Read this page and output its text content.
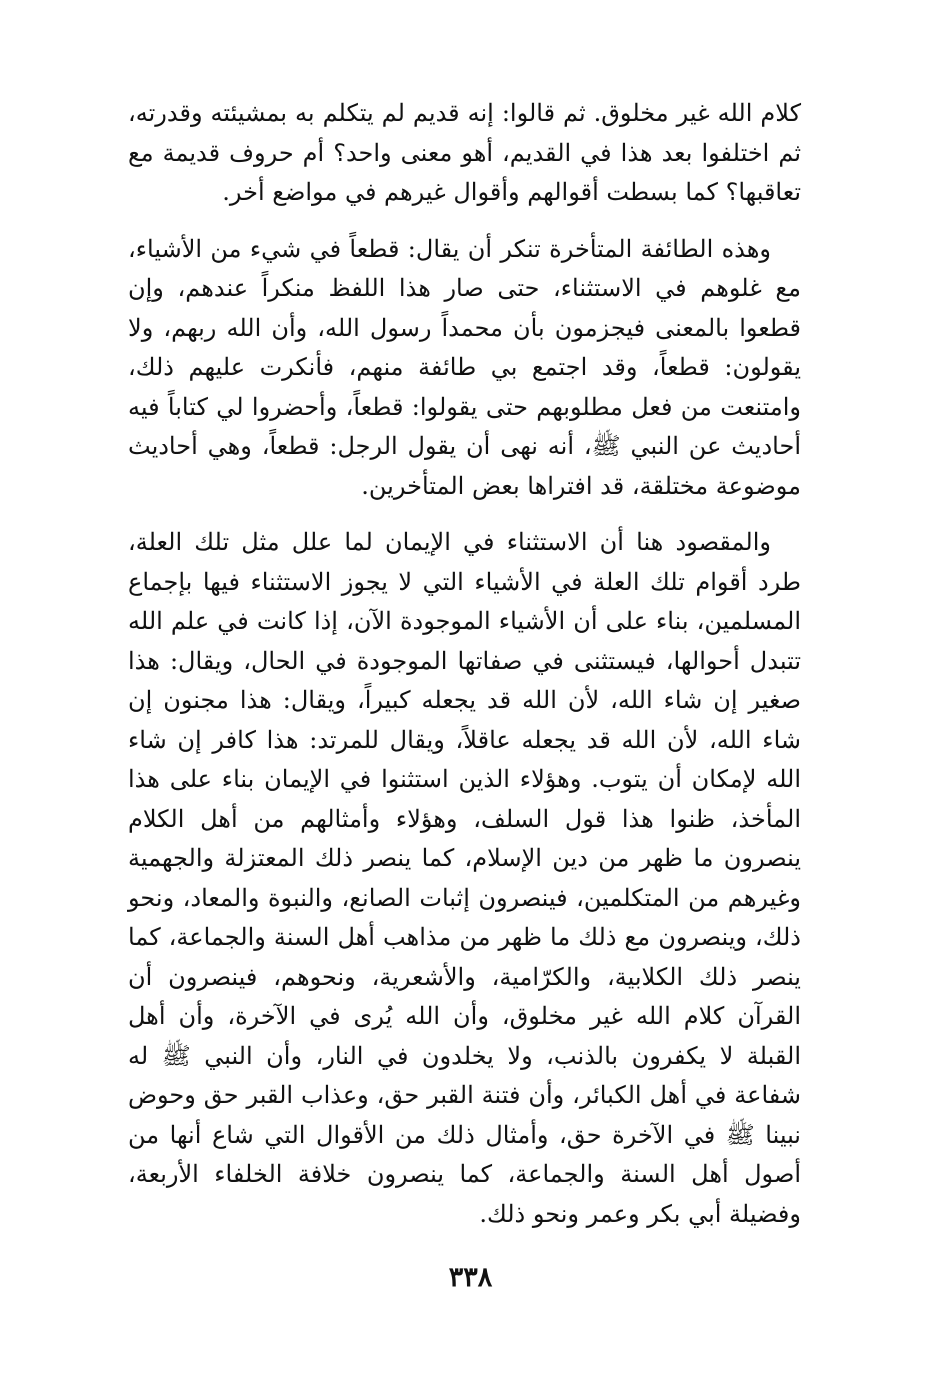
كلام الله غير مخلوق. ثم قالوا: إنه قديم لم يتكلم به بمشيئته وقدرته، ثم اختلفوا بعد هذا في القديم، أهو معنى واحد؟ أم حروف قديمة مع تعاقبها؟ كما بسطت أقوالهم وأقوال غيرهم في مواضع أخر.

وهذه الطائفة المتأخرة تنكر أن يقال: قطعاً في شيء من الأشياء، مع غلوهم في الاستثناء، حتى صار هذا اللفظ منكراً عندهم، وإن قطعوا بالمعنى فيجزمون بأن محمداً رسول الله، وأن الله ربهم، ولا يقولون: قطعاً، وقد اجتمع بي طائفة منهم، فأنكرت عليهم ذلك، وامتنعت من فعل مطلوبهم حتى يقولوا: قطعاً، وأحضروا لي كتاباً فيه أحاديث عن النبي ﷺ، أنه نهى أن يقول الرجل: قطعاً، وهي أحاديث موضوعة مختلقة، قد افتراها بعض المتأخرين.

والمقصود هنا أن الاستثناء في الإيمان لما علل مثل تلك العلة، طرد أقوام تلك العلة في الأشياء التي لا يجوز الاستثناء فيها بإجماع المسلمين، بناء على أن الأشياء الموجودة الآن، إذا كانت في علم الله تتبدل أحوالها، فيستثنى في صفاتها الموجودة في الحال، ويقال: هذا صغير إن شاء الله، لأن الله قد يجعله كبيراً، ويقال: هذا مجنون إن شاء الله، لأن الله قد يجعله عاقلاً، ويقال للمرتد: هذا كافر إن شاء الله لإمكان أن يتوب. وهؤلاء الذين استثنوا في الإيمان بناء على هذا المأخذ، ظنوا هذا قول السلف، وهؤلاء وأمثالهم من أهل الكلام ينصرون ما ظهر من دين الإسلام، كما ينصر ذلك المعتزلة والجهمية وغيرهم من المتكلمين، فينصرون إثبات الصانع، والنبوة والمعاد، ونحو ذلك، وينصرون مع ذلك ما ظهر من مذاهب أهل السنة والجماعة، كما ينصر ذلك الكلابية، والكرّامية، والأشعرية، ونحوهم، فينصرون أن القرآن كلام الله غير مخلوق، وأن الله يُرى في الآخرة، وأن أهل القبلة لا يكفرون بالذنب، ولا يخلدون في النار، وأن النبي ﷺ له شفاعة في أهل الكبائر، وأن فتنة القبر حق، وعذاب القبر حق وحوض نبينا ﷺ في الآخرة حق، وأمثال ذلك من الأقوال التي شاع أنها من أصول أهل السنة والجماعة، كما ينصرون خلافة الخلفاء الأربعة، وفضيلة أبي بكر وعمر ونحو ذلك.

٣٣٨
